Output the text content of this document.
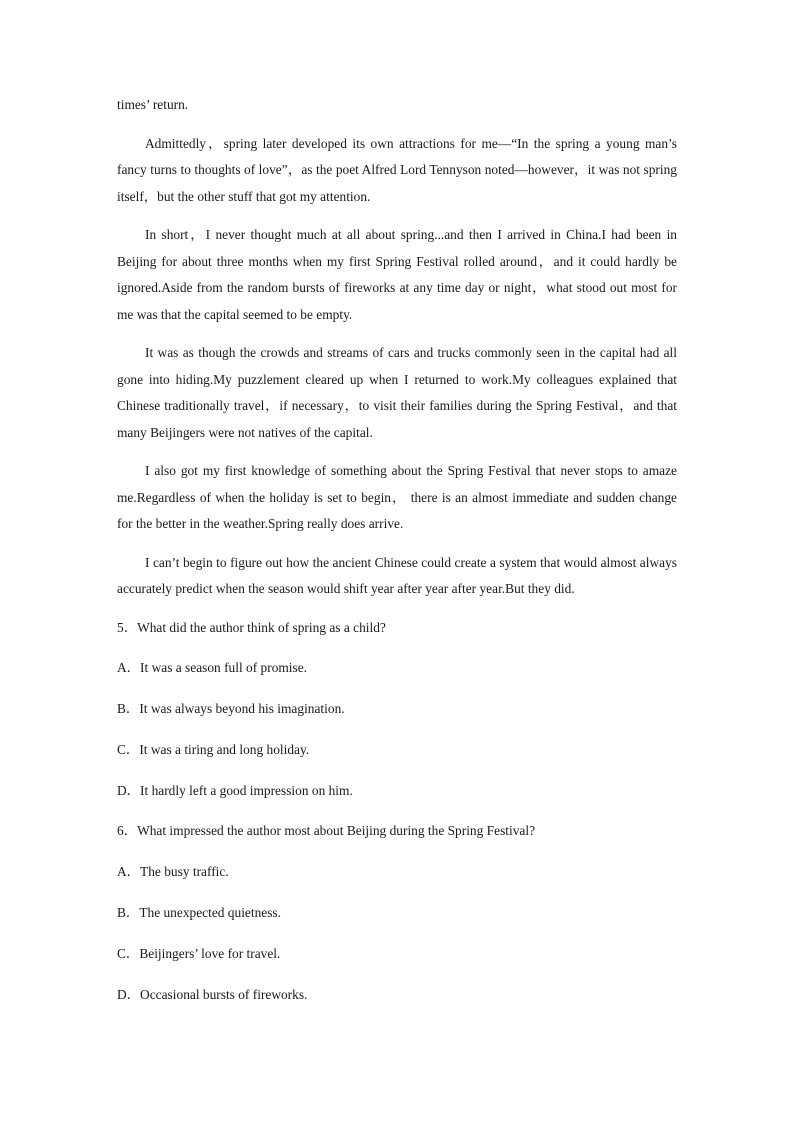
times’ return.

Admittedly，spring later developed its own attractions for me—“In the spring a young man’s fancy turns to thoughts of love”，as the poet Alfred Lord Tennyson noted—however，it was not spring itself，but the other stuff that got my attention.

In short，I never thought much at all about spring...and then I arrived in China.I had been in Beijing for about three months when my first Spring Festival rolled around，and it could hardly be ignored.Aside from the random bursts of fireworks at any time day or night，what stood out most for me was that the capital seemed to be empty.

It was as though the crowds and streams of cars and trucks commonly seen in the capital had all gone into hiding.My puzzlement cleared up when I returned to work.My colleagues explained that Chinese traditionally travel，if necessary，to visit their families during the Spring Festival，and that many Beijingers were not natives of the capital.

I also got my first knowledge of something about the Spring Festival that never stops to amaze me.Regardless of when the holiday is set to begin， there is an almost immediate and sudden change for the better in the weather.Spring really does arrive.

I can’t begin to figure out how the ancient Chinese could create a system that would almost always accurately predict when the season would shift year after year after year.But they did.

5．What did the author think of spring as a child?

A．It was a season full of promise.

B．It was always beyond his imagination.

C．It was a tiring and long holiday.

D．It hardly left a good impression on him.

6．What impressed the author most about Beijing during the Spring Festival?

A．The busy traffic.

B．The unexpected quietness.

C．Beijingers’ love for travel.

D．Occasional bursts of fireworks.
